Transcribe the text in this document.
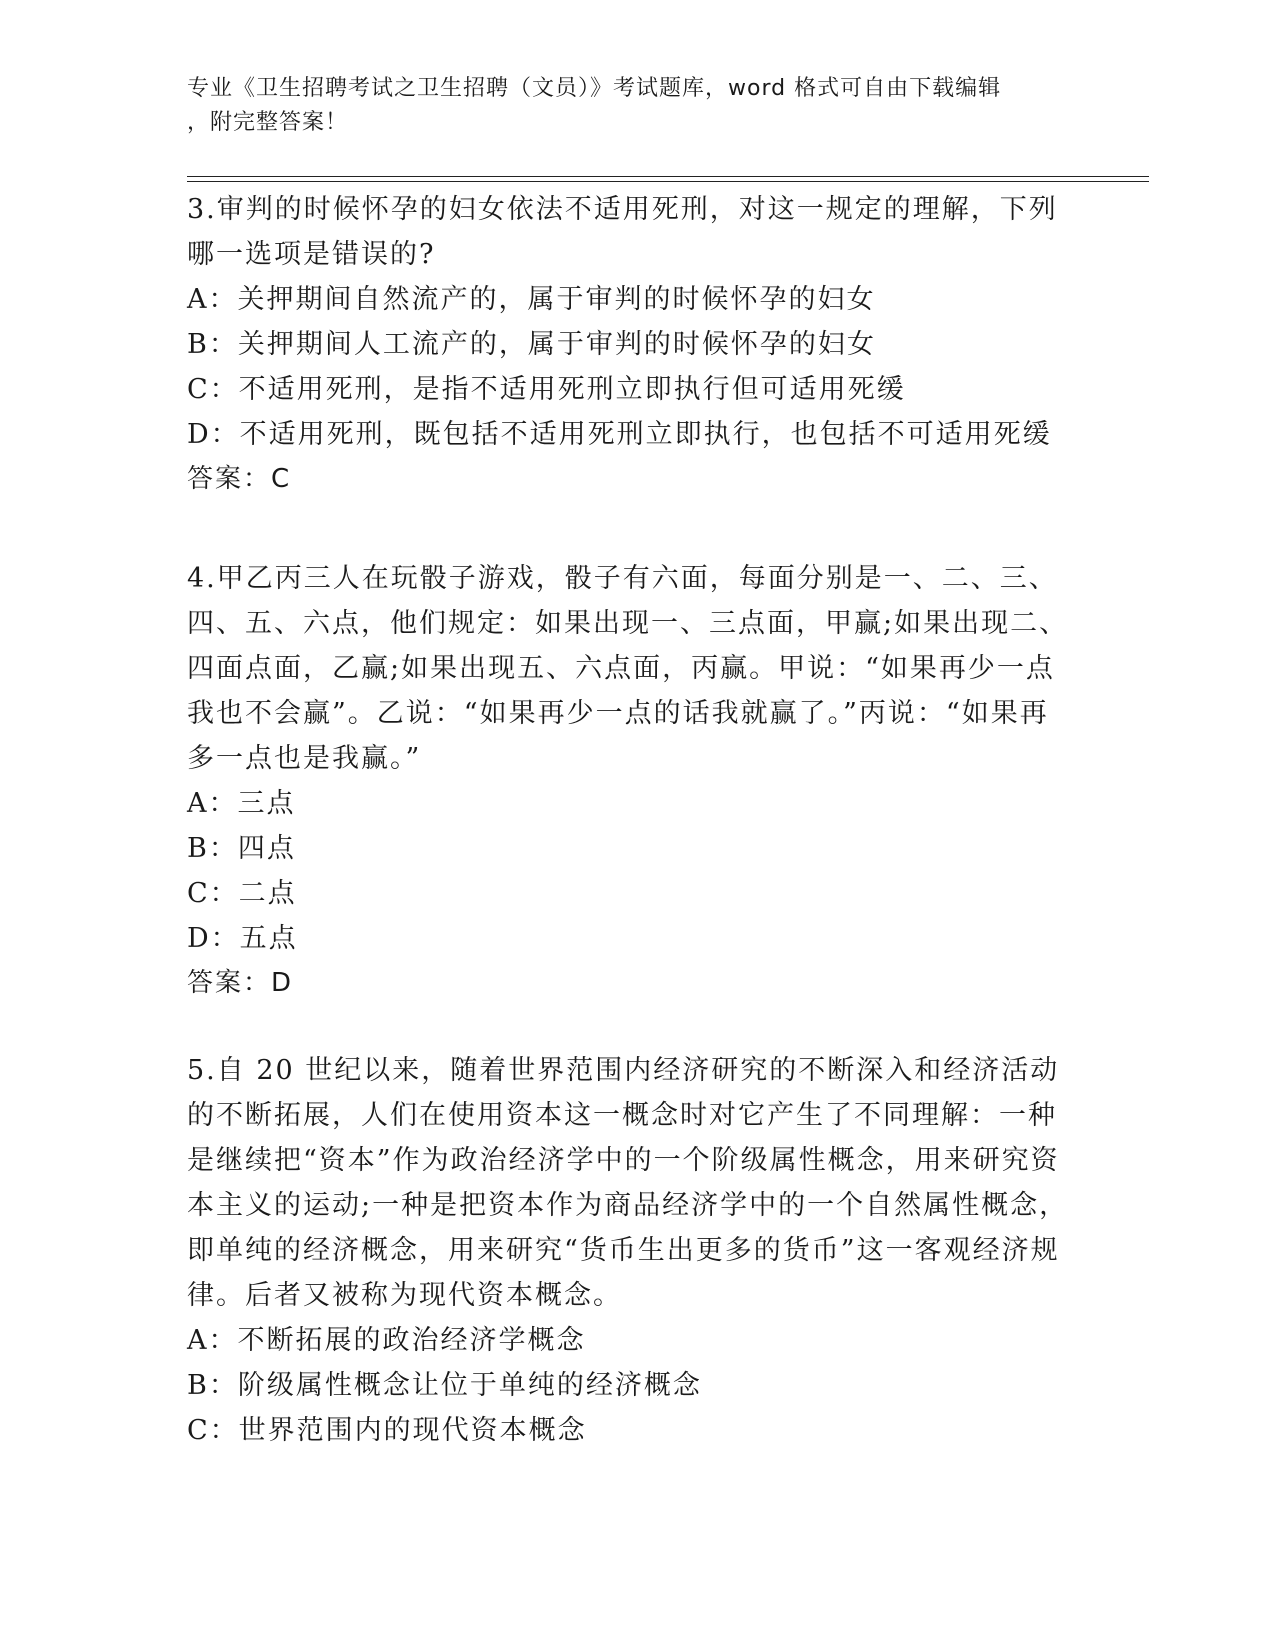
专业《卫生招聘考试之卫生招聘（文员）》考试题库，word 格式可自由下载编辑
，附完整答案！

3.审判的时候怀孕的妇女依法不适用死刑，对这一规定的理解，下列哪一选项是错误的?

A：关押期间自然流产的，属于审判的时候怀孕的妇女

B：关押期间人工流产的，属于审判的时候怀孕的妇女

C：不适用死刑，是指不适用死刑立即执行但可适用死缓

D：不适用死刑，既包括不适用死刑立即执行，也包括不可适用死缓

答案：C

4.甲乙丙三人在玩骰子游戏，骰子有六面，每面分别是一、二、三、四、五、六点，他们规定：如果出现一、三点面，甲赢;如果出现二、四面点面，乙赢;如果出现五、六点面，丙赢。甲说：“如果再少一点我也不会赢”。乙说：“如果再少一点的话我就赢了。”丙说：“如果再多一点也是我赢。”

A：三点

B：四点

C：二点

D：五点

答案：D

5.自 20 世纪以来，随着世界范围内经济研究的不断深入和经济活动的不断拓展，人们在使用资本这一概念时对它产生了不同理解：一种是继续把“资本”作为政治经济学中的一个阶级属性概念，用来研究资本主义的运动;一种是把资本作为商品经济学中的一个自然属性概念，即单纯的经济概念，用来研究“货币生出更多的货币”这一客观经济规律。后者又被称为现代资本概念。

A：不断拓展的政治经济学概念

B：阶级属性概念让位于单纯的经济概念

C：世界范围内的现代资本概念
